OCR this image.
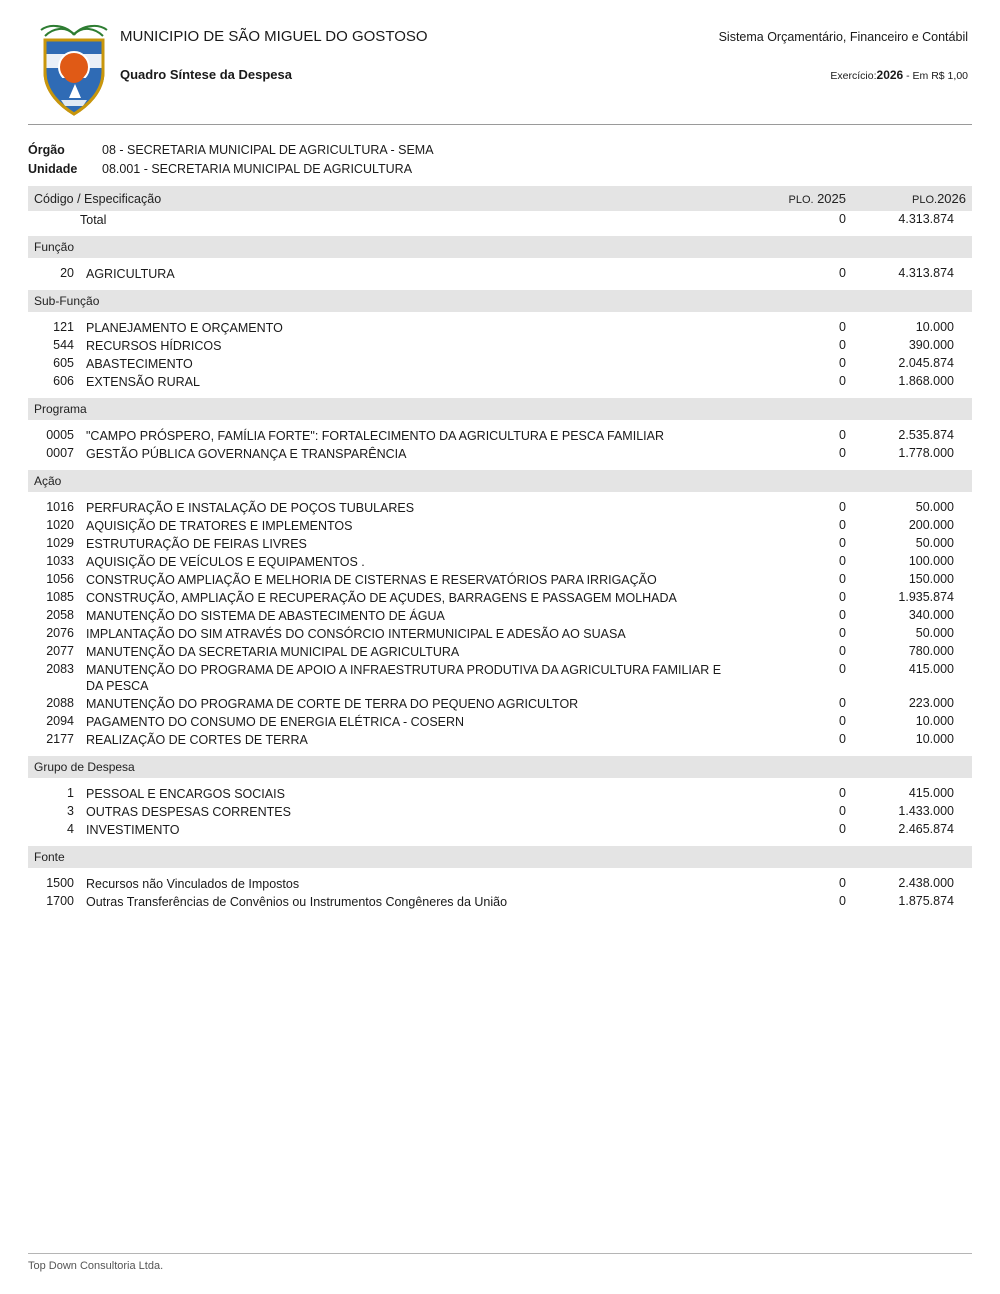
MUNICIPIO DE SÃO MIGUEL DO GOSTOSO	Sistema Orçamentário, Financeiro e Contábil
Quadro Síntese da Despesa	Exercício:2026 - Em R$ 1,00
Órgão	08 - SECRETARIA MUNICIPAL DE AGRICULTURA - SEMA
Unidade	08.001 - SECRETARIA MUNICIPAL DE AGRICULTURA
Código / Especificação		PLO. 2025	PLO.2026
	Total	0	4.313.874

Função			

20	AGRICULTURA	0	4.313.874

Sub-Função			

121	PLANEJAMENTO E ORÇAMENTO	0	10.000
544	RECURSOS HÍDRICOS	0	390.000
605	ABASTECIMENTO	0	2.045.874
606	EXTENSÃO RURAL	0	1.868.000

Programa			

0005	"CAMPO PRÓSPERO, FAMÍLIA FORTE": FORTALECIMENTO DA AGRICULTURA E PESCA FAMILIAR	0	2.535.874
0007	GESTÃO PÚBLICA GOVERNANÇA E TRANSPARÊNCIA	0	1.778.000

Ação			

1016	PERFURAÇÃO E INSTALAÇÃO DE POÇOS TUBULARES	0	50.000
1020	AQUISIÇÃO DE TRATORES E IMPLEMENTOS	0	200.000
1029	ESTRUTURAÇÃO DE FEIRAS LIVRES	0	50.000
1033	AQUISIÇÃO DE VEÍCULOS E EQUIPAMENTOS .	0	100.000
1056	CONSTRUÇÃO AMPLIAÇÃO E MELHORIA DE CISTERNAS E RESERVATÓRIOS PARA IRRIGAÇÃO	0	150.000
1085	CONSTRUÇÃO, AMPLIAÇÃO E RECUPERAÇÃO DE AÇUDES, BARRAGENS E PASSAGEM MOLHADA	0	1.935.874
2058	MANUTENÇÃO DO SISTEMA DE ABASTECIMENTO DE ÁGUA	0	340.000
2076	IMPLANTAÇÃO DO SIM ATRAVÉS DO CONSÓRCIO INTERMUNICIPAL E ADESÃO AO SUASA	0	50.000
2077	MANUTENÇÃO DA SECRETARIA MUNICIPAL DE AGRICULTURA	0	780.000
2083	MANUTENÇÃO DO PROGRAMA DE APOIO A INFRAESTRUTURA PRODUTIVA DA AGRICULTURA FAMILIAR E DA PESCA	0	415.000
2088	MANUTENÇÃO DO PROGRAMA DE CORTE DE TERRA DO PEQUENO AGRICULTOR	0	223.000
2094	PAGAMENTO DO CONSUMO DE ENERGIA ELÉTRICA - COSERN	0	10.000
2177	REALIZAÇÃO DE CORTES DE TERRA	0	10.000

Grupo de Despesa			

1	PESSOAL E ENCARGOS SOCIAIS	0	415.000
3	OUTRAS DESPESAS CORRENTES	0	1.433.000
4	INVESTIMENTO	0	2.465.874

Fonte			

1500	Recursos não Vinculados de Impostos	0	2.438.000
1700	Outras Transferências de Convênios ou Instrumentos Congêneres da União	0	1.875.874

Top Down Consultoria Ltda.
